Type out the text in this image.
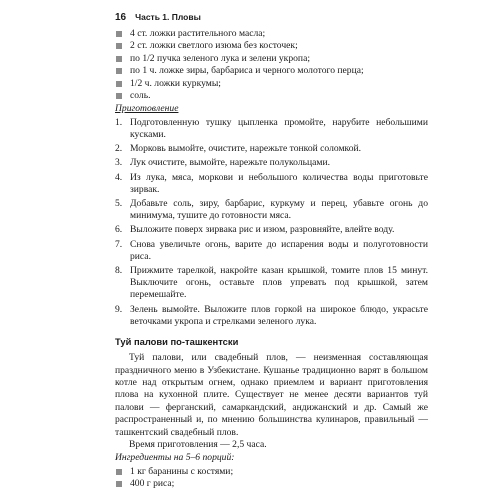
16 Часть 1. Пловы
4 ст. ложки растительного масла;
2 ст. ложки светлого изюма без косточек;
по 1/2 пучка зеленого лука и зелени укропа;
по 1 ч. ложке зиры, барбариса и черного молотого перца;
1/2 ч. ложки куркумы;
соль.
Приготовление
1. Подготовленную тушку цыпленка промойте, нарубите небольшими кусками.
2. Морковь вымойте, очистите, нарежьте тонкой соломкой.
3. Лук очистите, вымойте, нарежьте полукольцами.
4. Из лука, мяса, моркови и небольшого количества воды приготовьте зирвак.
5. Добавьте соль, зиру, барбарис, куркуму и перец, убавьте огонь до минимума, тушите до готовности мяса.
6. Выложите поверх зирвака рис и изюм, разровняйте, влейте воду.
7. Снова увеличьте огонь, варите до испарения воды и полуготовности риса.
8. Прижмите тарелкой, накройте казан крышкой, томите плов 15 минут. Выключите огонь, оставьте плов упревать под крышкой, затем перемешайте.
9. Зелень вымойте. Выложите плов горкой на широкое блюдо, украсьте веточками укропа и стрелками зеленого лука.
Туй палови по-ташкентски

Туй палови, или свадебный плов, — неизменная составляющая праздничного меню в Узбекистане. Кушанье традиционно варят в большом котле над открытым огнем, однако приемлем и вариант приготовления плова на кухонной плите. Существует не менее десяти вариантов туй палови — ферганский, самаркандский, андижанский и др. Самый же распространенный и, по мнению большинства кулинаров, правильный — ташкентский свадебный плов.

Время приготовления — 2,5 часа.

Ингредиенты на 5–6 порций:
1 кг баранины с костями;
400 г риса;
